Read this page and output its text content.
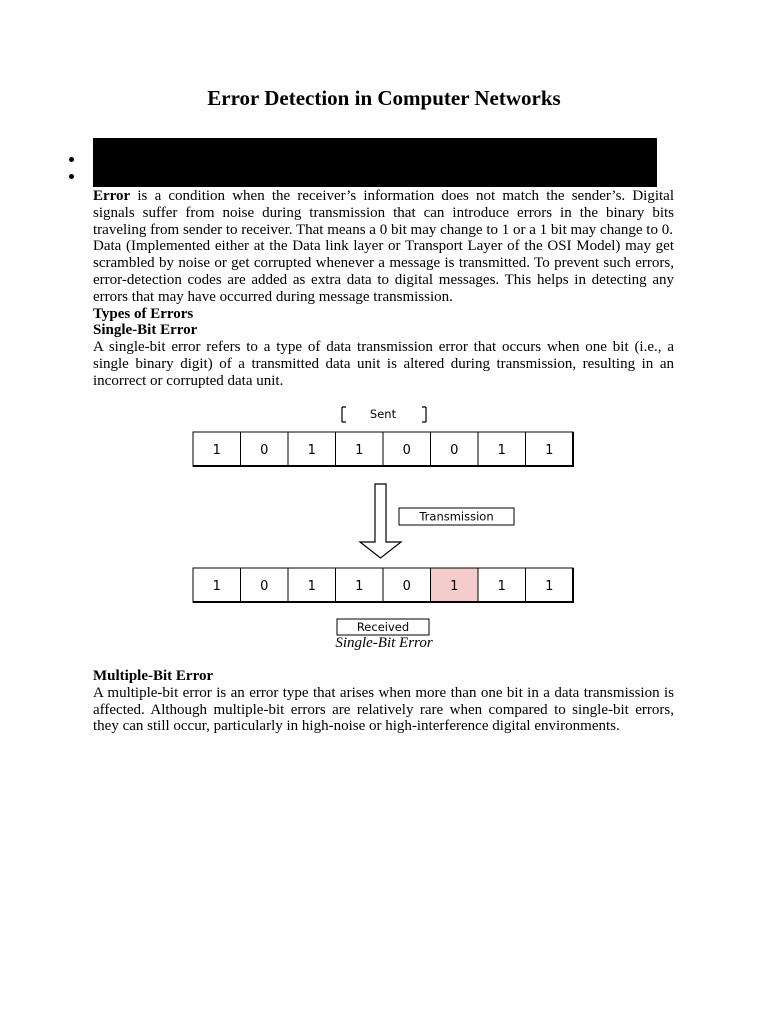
Error Detection in Computer Networks

Error is a condition when the receiver’s information does not match the sender’s. Digital signals suffer from noise during transmission that can introduce errors in the binary bits traveling from sender to receiver. That means a 0 bit may change to 1 or a 1 bit may change to 0.

Data (Implemented either at the Data link layer or Transport Layer of the OSI Model) may get scrambled by noise or get corrupted whenever a message is transmitted. To prevent such errors, error-detection codes are added as extra data to digital messages. This helps in detecting any errors that may have occurred during message transmission.

Types of Errors

Single-Bit Error

A single-bit error refers to a type of data transmission error that occurs when one bit (i.e., a single binary digit) of a transmitted data unit is altered during transmission, resulting in an incorrect or corrupted data unit.

Sent
1	0	1	1	0	0	1	1
Transmission
1	0	1	1	0	1	1	1
Received
Single-Bit Error

Multiple-Bit Error

A multiple-bit error is an error type that arises when more than one bit in a data transmission is affected. Although multiple-bit errors are relatively rare when compared to single-bit errors, they can still occur, particularly in high-noise or high-interference digital environments.
